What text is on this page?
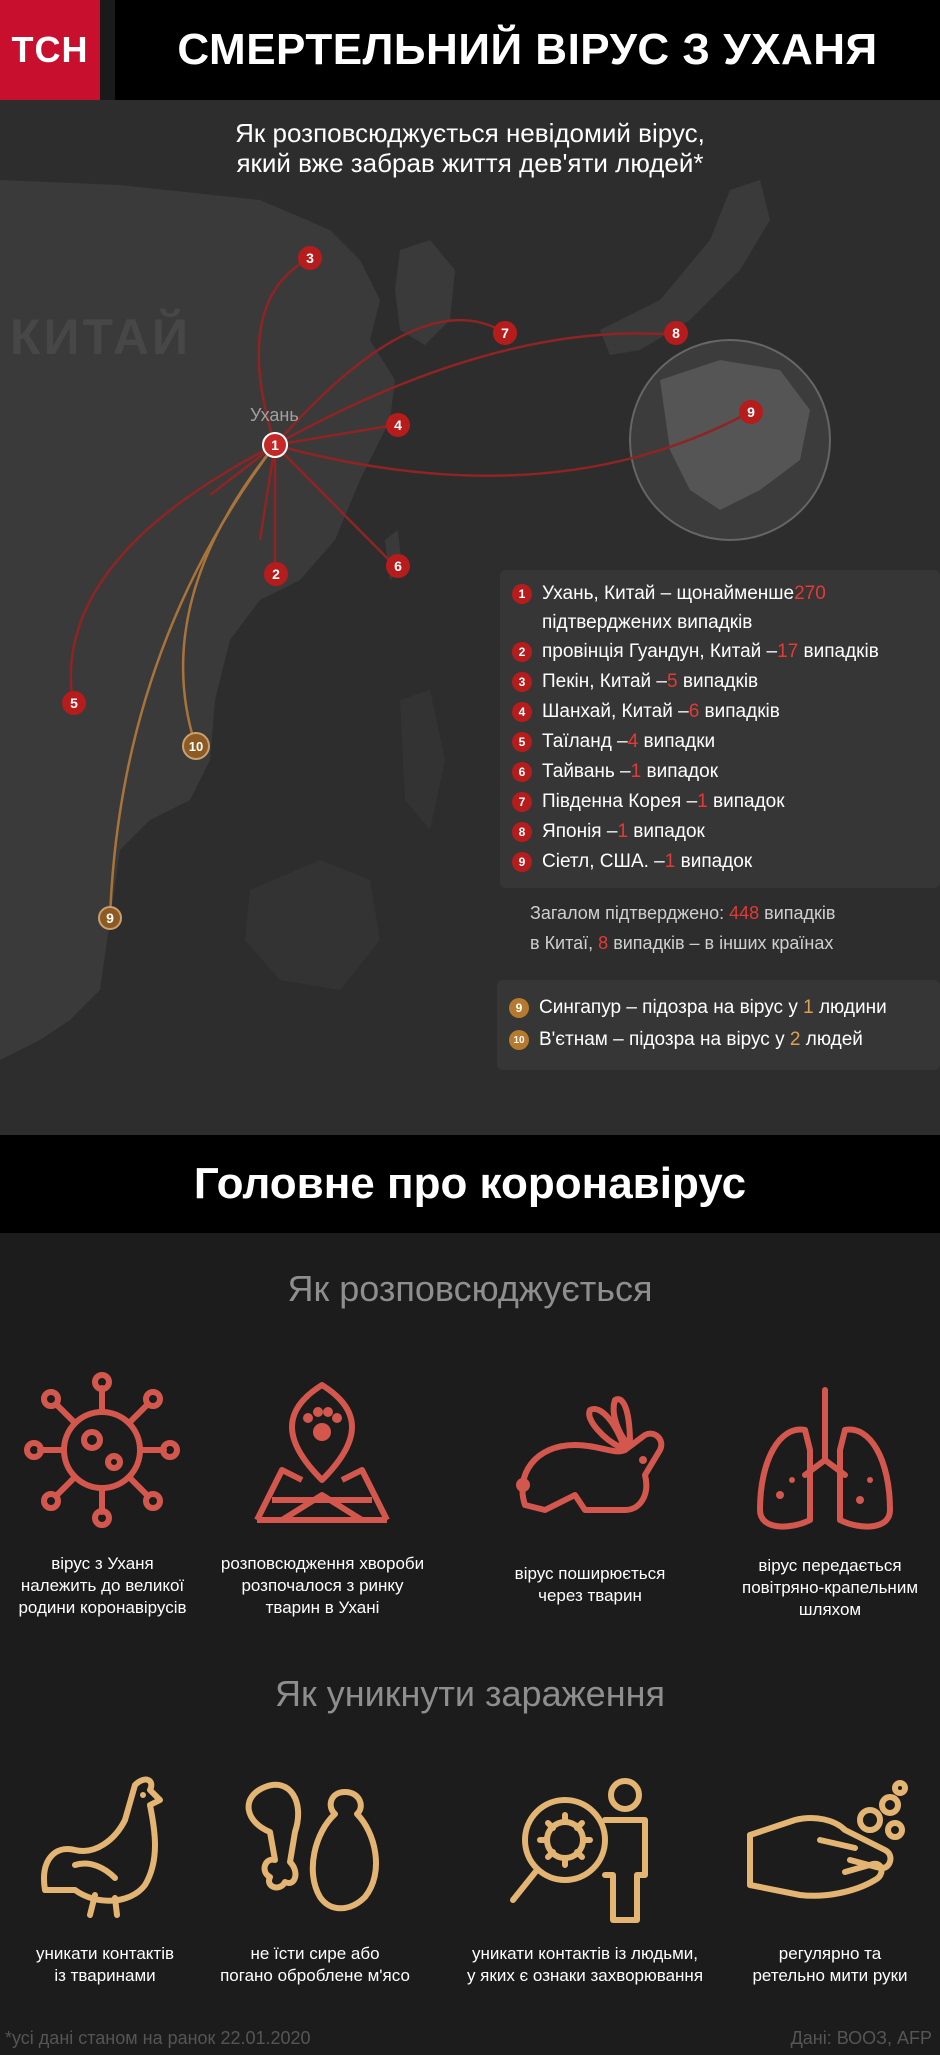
ТСН СМЕРТЕЛЬНИЙ ВІРУС З УХАНЯ
КИТАЙ
Ухань
1
2
3
4
5
6
7	8
9
9
10
Як розповсюджується невідомий вірус,
який вже забрав життя дев'яти людей*
1 Ухань, Китай – щонайменше 270
підтверджених випадків
2 провінція Гуандун, Китай – 17 випадків
3 Пекін, Китай – 5 випадків
4 Шанхай, Китай – 6 випадків
5 Таїланд – 4 випадки
6 Тайвань – 1 випадок
7 Південна Корея – 1 випадок
8 Японія – 1 випадок
9 Сіетл, США. – 1 випадок
Загалом підтверджено: 448 випадків
в Китаї, 8 випадків – в інших країнах
9 Сингапур – підозра на вірус у 1 людини
10 В'єтнам – підозра на вірус у 2 людей
Головне про коронавірус
Як розповсюджується
вірус з Уханя
належить до великої
родини коронавірусів
розповсюдження хвороби
розпочалося з ринку
тварин в Ухані
вірус поширюється
через тварин
вірус передається
повітряно-крапельним
шляхом
Як уникнути зараження
уникати контактів
із тваринами
не їсти сире або
погано оброблене м'ясо
уникати контактів із людьми,
у яких є ознаки захворювання
регулярно та
ретельно мити руки
*усі дані станом на ранок 22.01.2020	Дані: ВООЗ, AFP
